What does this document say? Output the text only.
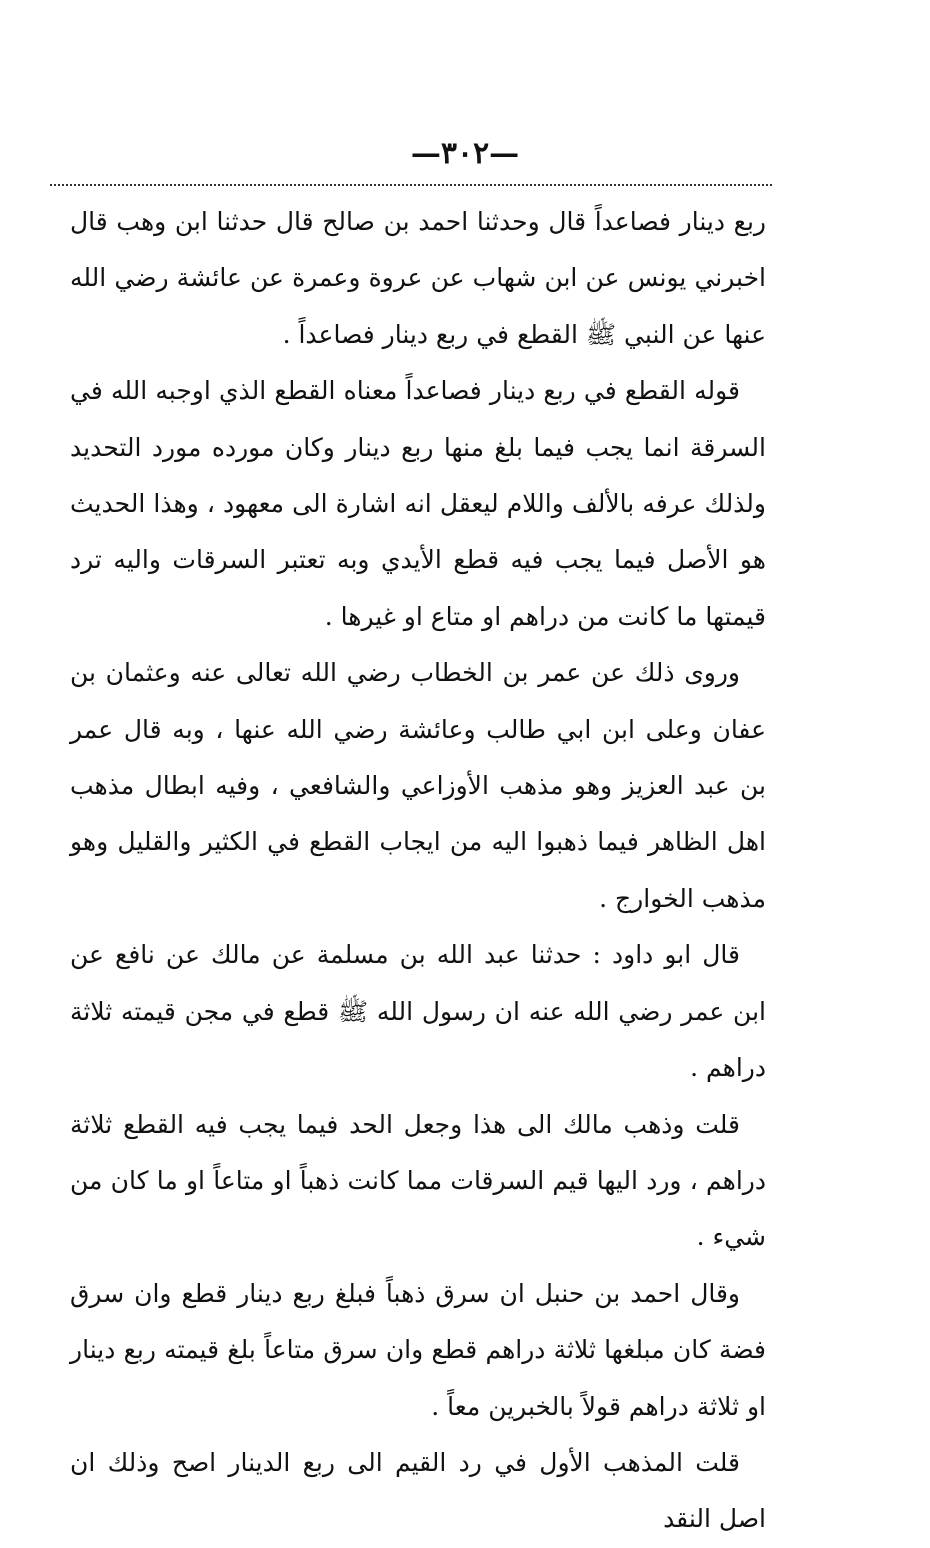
—٣٠٢—

ربع دينار فصاعداً قال وحدثنا احمد بن صالح قال حدثنا ابن وهب قال اخبرني يونس عن ابن شهاب عن عروة وعمرة عن عائشة رضي الله عنها عن النبي ﷺ القطع في ربع دينار فصاعداً .

قوله القطع في ربع دينار فصاعداً معناه القطع الذي اوجبه الله في السرقة انما يجب فيما بلغ منها ربع دينار وكان مورده مورد التحديد ولذلك عرفه بالألف واللام ليعقل انه اشارة الى معهود ، وهذا الحديث هو الأصل فيما يجب فيه قطع الأيدي وبه تعتبر السرقات واليه ترد قيمتها ما كانت من دراهم او متاع او غيرها .

وروى ذلك عن عمر بن الخطاب رضي الله تعالى عنه وعثمان بن عفان وعلى ابن ابي طالب وعائشة رضي الله عنها ، وبه قال عمر بن عبد العزيز وهو مذهب الأوزاعي والشافعي ، وفيه ابطال مذهب اهل الظاهر فيما ذهبوا اليه من ايجاب القطع في الكثير والقليل وهو مذهب الخوارج .

قال ابو داود : حدثنا عبد الله بن مسلمة عن مالك عن نافع عن ابن عمر رضي الله عنه ان رسول الله ﷺ قطع في مجن قيمته ثلاثة دراهم .

قلت وذهب مالك الى هذا وجعل الحد فيما يجب فيه القطع ثلاثة دراهم ، ورد اليها قيم السرقات مما كانت ذهباً او متاعاً او ما كان من شيء .

وقال احمد بن حنبل ان سرق ذهباً فبلغ ربع دينار قطع وان سرق فضة كان مبلغها ثلاثة دراهم قطع وان سرق متاعاً بلغ قيمته ربع دينار او ثلاثة دراهم قولاً بالخبرين معاً .

قلت المذهب الأول في رد القيم الى ربع الدينار اصح وذلك ان اصل النقد
